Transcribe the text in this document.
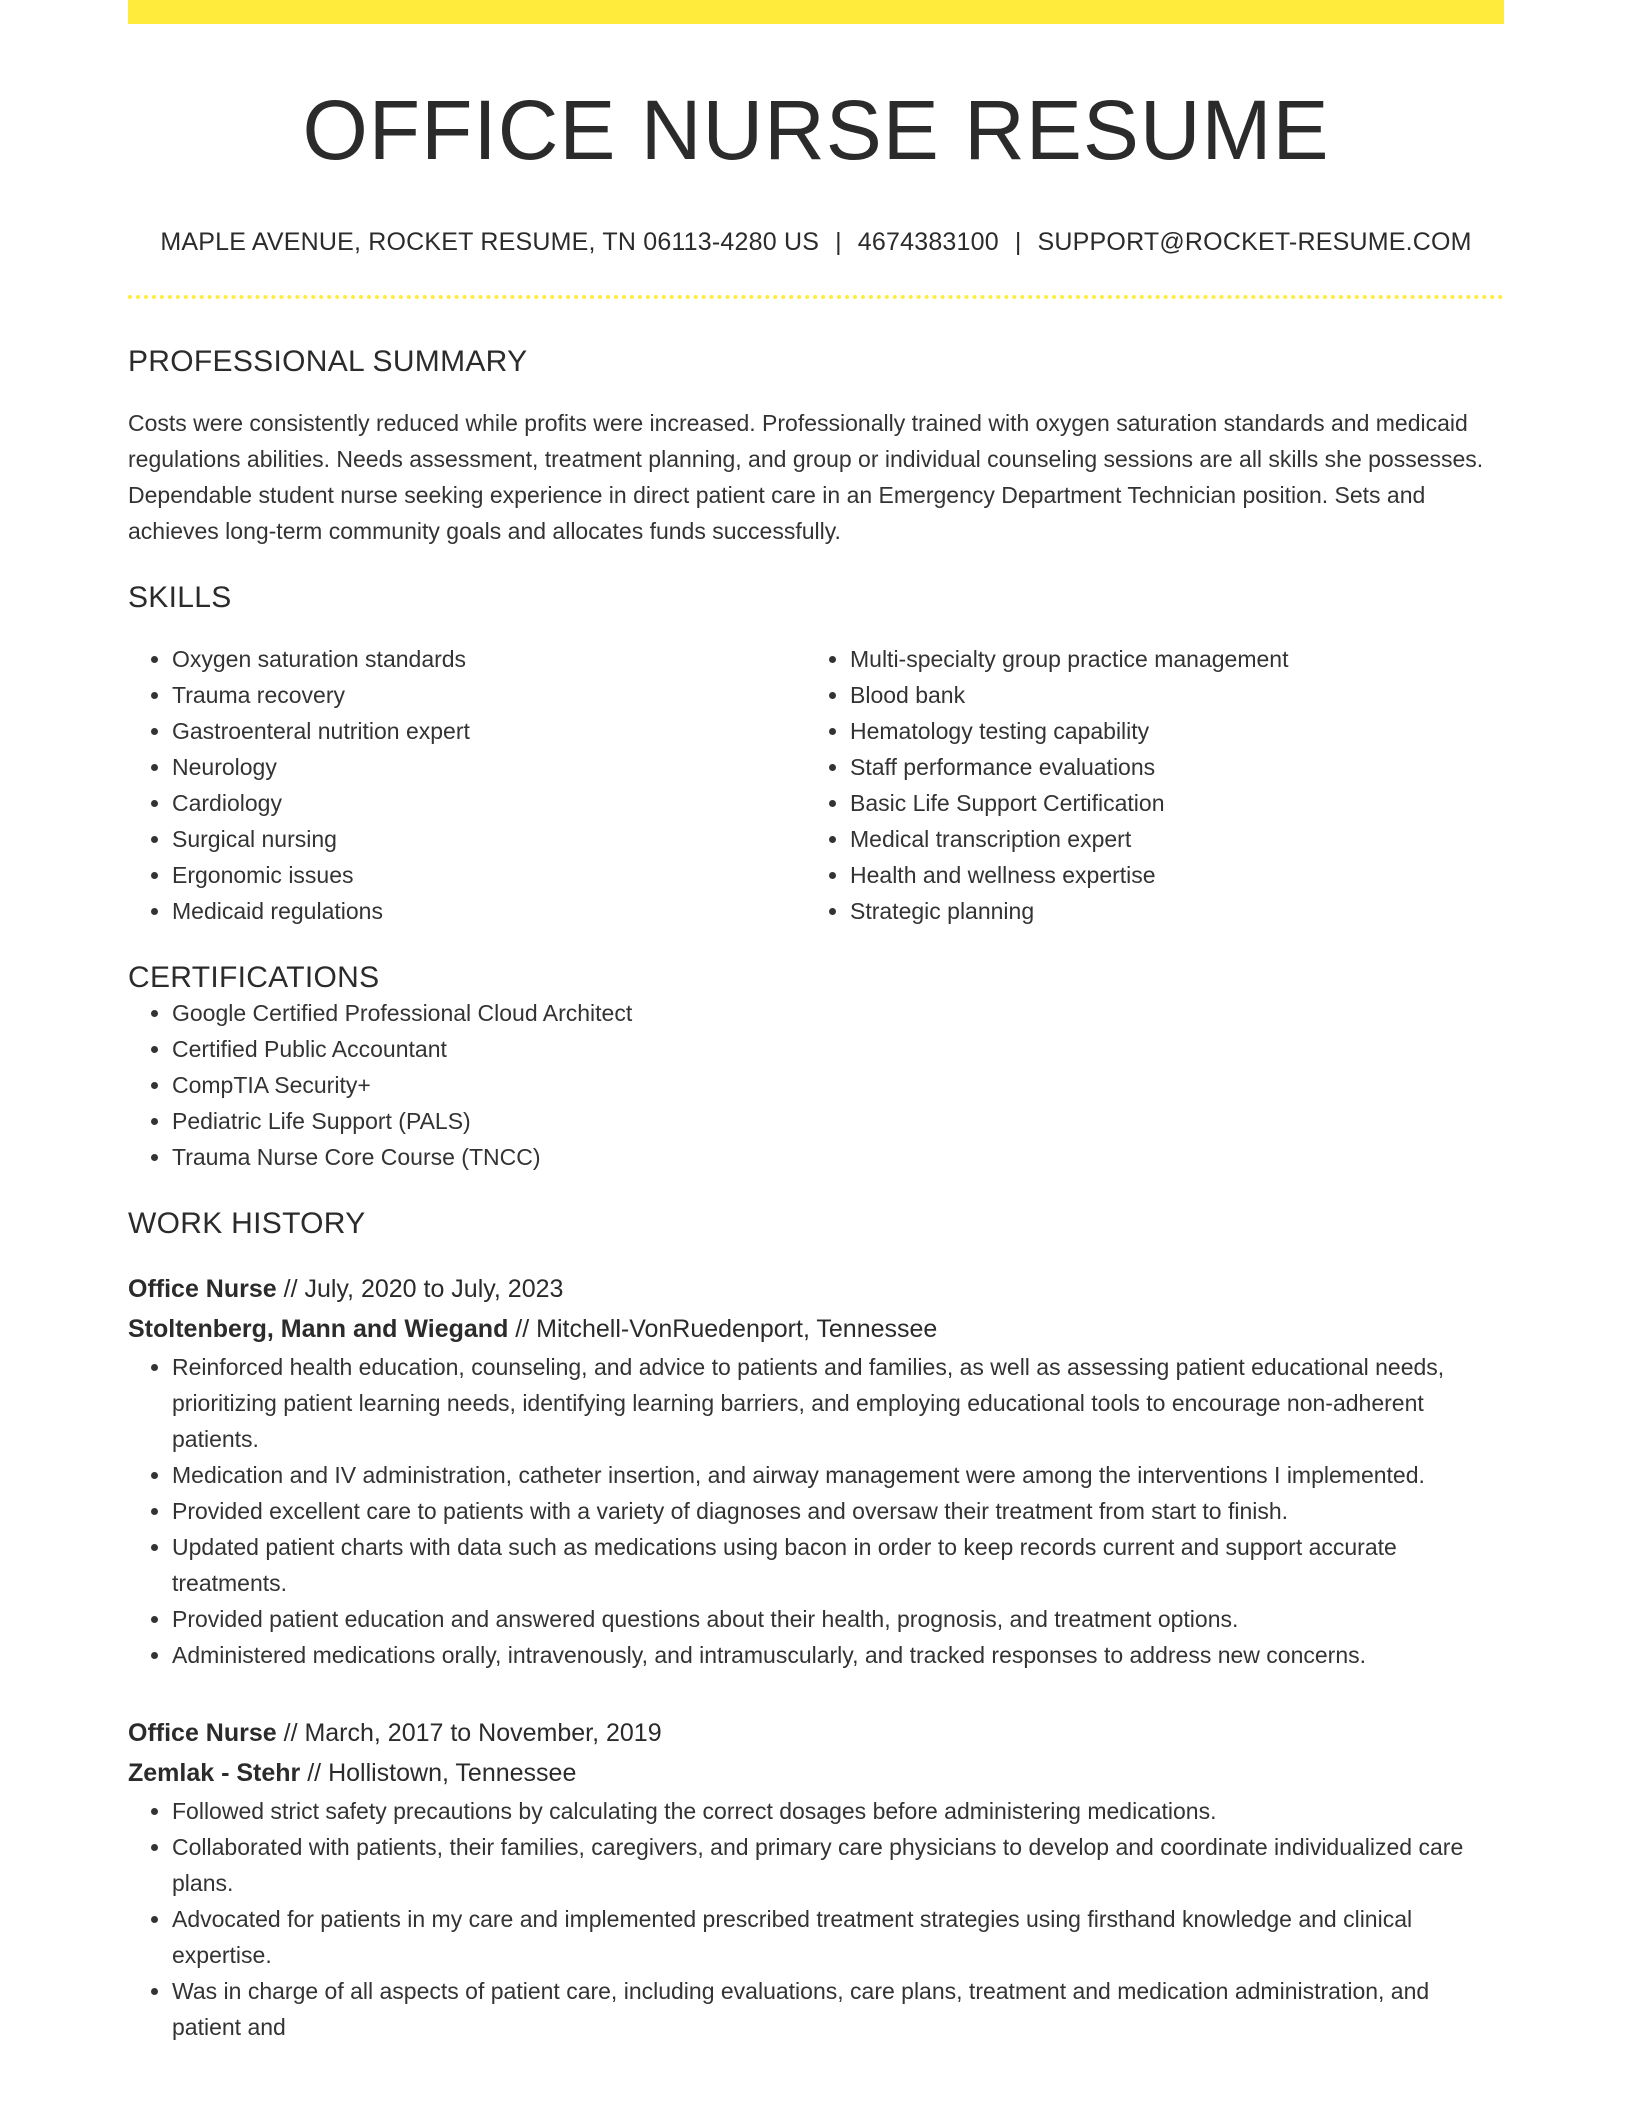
OFFICE NURSE RESUME
MAPLE AVENUE, ROCKET RESUME, TN 06113-4280 US | 4674383100 | SUPPORT@ROCKET-RESUME.COM
PROFESSIONAL SUMMARY

Costs were consistently reduced while profits were increased. Professionally trained with oxygen saturation standards and medicaid regulations abilities. Needs assessment, treatment planning, and group or individual counseling sessions are all skills she possesses. Dependable student nurse seeking experience in direct patient care in an Emergency Department Technician position. Sets and achieves long-term community goals and allocates funds successfully.

SKILLS
• Oxygen saturation standards
• Trauma recovery
• Gastroenteral nutrition expert
• Neurology
• Cardiology
• Surgical nursing
• Ergonomic issues
• Medicaid regulations
• Multi-specialty group practice management
• Blood bank
• Hematology testing capability
• Staff performance evaluations
• Basic Life Support Certification
• Medical transcription expert
• Health and wellness expertise
• Strategic planning
CERTIFICATIONS
• Google Certified Professional Cloud Architect
• Certified Public Accountant
• CompTIA Security+
• Pediatric Life Support (PALS)
• Trauma Nurse Core Course (TNCC)
WORK HISTORY
Office Nurse // July, 2020 to July, 2023
Stoltenberg, Mann and Wiegand // Mitchell-VonRuedenport, Tennessee
• Reinforced health education, counseling, and advice to patients and families, as well as assessing patient educational needs, prioritizing patient learning needs, identifying learning barriers, and employing educational tools to encourage non-adherent patients.
• Medication and IV administration, catheter insertion, and airway management were among the interventions I implemented.
• Provided excellent care to patients with a variety of diagnoses and oversaw their treatment from start to finish.
• Updated patient charts with data such as medications using bacon in order to keep records current and support accurate treatments.
• Provided patient education and answered questions about their health, prognosis, and treatment options.
• Administered medications orally, intravenously, and intramuscularly, and tracked responses to address new concerns.
Office Nurse // March, 2017 to November, 2019
Zemlak - Stehr // Hollistown, Tennessee
• Followed strict safety precautions by calculating the correct dosages before administering medications.
• Collaborated with patients, their families, caregivers, and primary care physicians to develop and coordinate individualized care plans.
• Advocated for patients in my care and implemented prescribed treatment strategies using firsthand knowledge and clinical expertise.
• Was in charge of all aspects of patient care, including evaluations, care plans, treatment and medication administration, and patient and
